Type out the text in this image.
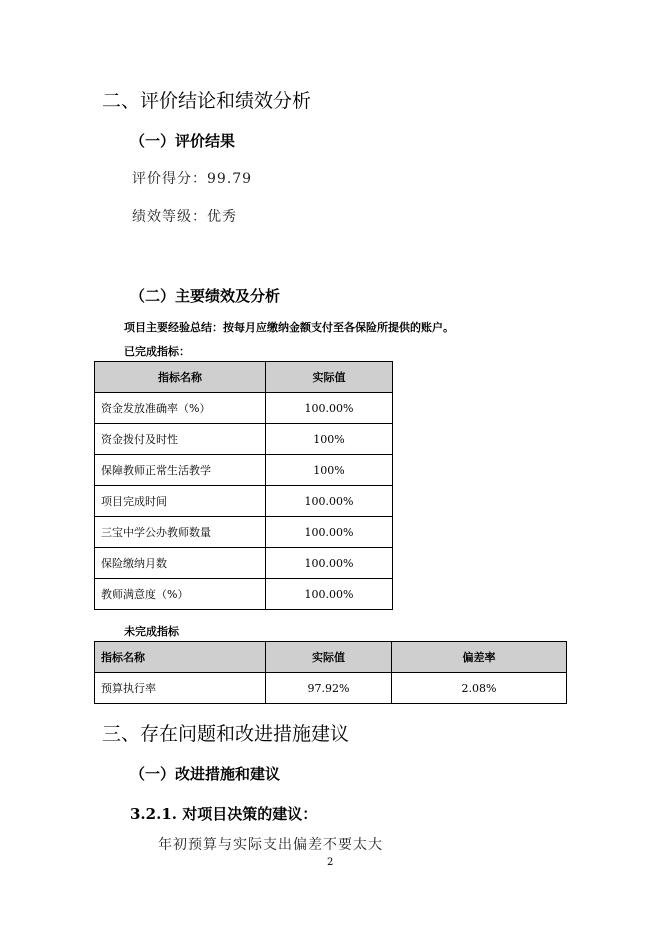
二、评价结论和绩效分析
（一）评价结果
评价得分：99.79
绩效等级：优秀
（二）主要绩效及分析
项目主要经验总结：按每月应缴纳金额支付至各保险所提供的账户。
已完成指标：
指标名称	实际值
资金发放准确率（%）	100.00%
资金拨付及时性	100%
保障教师正常生活教学	100%
项目完成时间	100.00%
三宝中学公办教师数量	100.00%
保险缴纳月数	100.00%
教师满意度（%）	100.00%
未完成指标
指标名称	实际值	偏差率
预算执行率	97.92%	2.08%
三、存在问题和改进措施建议
（一）改进措施和建议
3.2.1. 对项目决策的建议：
年初预算与实际支出偏差不要太大
2
